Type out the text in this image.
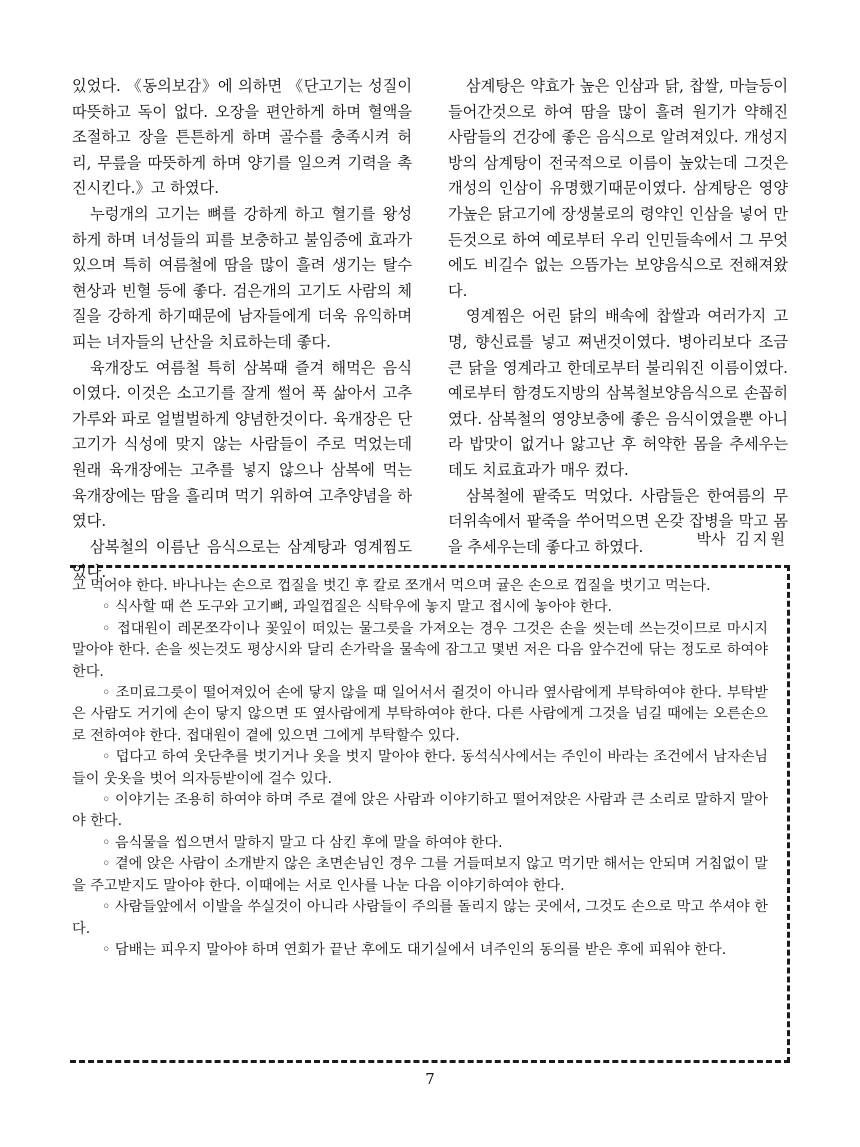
있었다. 《동의보감》에 의하면 《단고기는 성질이 따뜻하고 독이 없다. 오장을 편안하게 하며 혈액을 조절하고 장을 튼튼하게 하며 골수를 충족시켜 허리, 무릎을 따뜻하게 하며 양기를 일으켜 기력을 촉진시킨다.》고 하였다.

누렁개의 고기는 뼈를 강하게 하고 혈기를 왕성하게 하며 녀성들의 피를 보충하고 불임증에 효과가 있으며 특히 여름철에 땀을 많이 흘려 생기는 탈수현상과 빈혈 등에 좋다. 검은개의 고기도 사람의 체질을 강하게 하기때문에 남자들에게 더욱 유익하며 피는 녀자들의 난산을 치료하는데 좋다.

육개장도 여름철 특히 삼복때 즐겨 해먹은 음식이였다. 이것은 소고기를 잘게 썰어 푹 삶아서 고추가루와 파로 얼벌벌하게 양념한것이다. 육개장은 단고기가 식성에 맞지 않는 사람들이 주로 먹었는데 원래 육개장에는 고추를 넣지 않으나 삼복에 먹는 육개장에는 땀을 흘리며 먹기 위하여 고추양념을 하였다.

삼복철의 이름난 음식으로는 삼계탕과 영계찜도 있다.

삼계탕은 약효가 높은 인삼과 닭, 찹쌀, 마늘등이 들어간것으로 하여 땀을 많이 흘려 원기가 약해진 사람들의 건강에 좋은 음식으로 알려져있다. 개성지방의 삼계탕이 전국적으로 이름이 높았는데 그것은 개성의 인삼이 유명했기때문이였다. 삼계탕은 영양가높은 닭고기에 장생불로의 령약인 인삼을 넣어 만든것으로 하여 예로부터 우리 인민들속에서 그 무엇에도 비길수 없는 으뜸가는 보양음식으로 전해져왔다.

영계찜은 어린 닭의 배속에 찹쌀과 여러가지 고명, 향신료를 넣고 쪄낸것이였다. 병아리보다 조금 큰 닭을 영계라고 한데로부터 불리워진 이름이였다. 예로부터 함경도지방의 삼복철보양음식으로 손꼽히였다. 삼복철의 영양보충에 좋은 음식이였을뿐 아니라 밥맛이 없거나 앓고난 후 허약한 몸을 추세우는데도 치료효과가 매우 컸다.

삼복철에 팥죽도 먹었다. 사람들은 한여름의 무더위속에서 팥죽을 쑤어먹으면 온갖 잡병을 막고 몸을 추세우는데 좋다고 하였다.	박사 김지원

고 먹어야 한다. 바나나는 손으로 껍질을 벗긴 후 칼로 쪼개서 먹으며 귤은 손으로 껍질을 벗기고 먹는다.

◦ 식사할 때 쓴 도구와 고기뼈, 과일껍질은 식탁우에 놓지 말고 접시에 놓아야 한다.

◦ 접대원이 레몬쪼각이나 꽃잎이 떠있는 물그릇을 가져오는 경우 그것은 손을 씻는데 쓰는것이므로 마시지 말아야 한다. 손을 씻는것도 평상시와 달리 손가락을 물속에 잠그고 몇번 저은 다음 앞수건에 닦는 정도로 하여야 한다.

◦ 조미료그릇이 떨어져있어 손에 닿지 않을 때 일어서서 쥘것이 아니라 옆사람에게 부탁하여야 한다. 부탁받은 사람도 거기에 손이 닿지 않으면 또 옆사람에게 부탁하여야 한다. 다른 사람에게 그것을 넘길 때에는 오른손으로 전하여야 한다. 접대원이 곁에 있으면 그에게 부탁할수 있다.

◦ 덥다고 하여 웃단추를 벗기거나 옷을 벗지 말아야 한다. 동석식사에서는 주인이 바라는 조건에서 남자손님들이 웃옷을 벗어 의자등받이에 걸수 있다.

◦ 이야기는 조용히 하여야 하며 주로 곁에 앉은 사람과 이야기하고 떨어져앉은 사람과 큰 소리로 말하지 말아야 한다.

◦ 음식물을 씹으면서 말하지 말고 다 삼킨 후에 말을 하여야 한다.

◦ 곁에 앉은 사람이 소개받지 않은 초면손님인 경우 그를 거들떠보지 않고 먹기만 해서는 안되며 거침없이 말을 주고받지도 말아야 한다. 이때에는 서로 인사를 나눈 다음 이야기하여야 한다.

◦ 사람들앞에서 이발을 쑤실것이 아니라 사람들이 주의를 돌리지 않는 곳에서, 그것도 손으로 막고 쑤셔야 한다.

◦ 담배는 피우지 말아야 하며 연회가 끝난 후에도 대기실에서 녀주인의 동의를 받은 후에 피워야 한다.

7
